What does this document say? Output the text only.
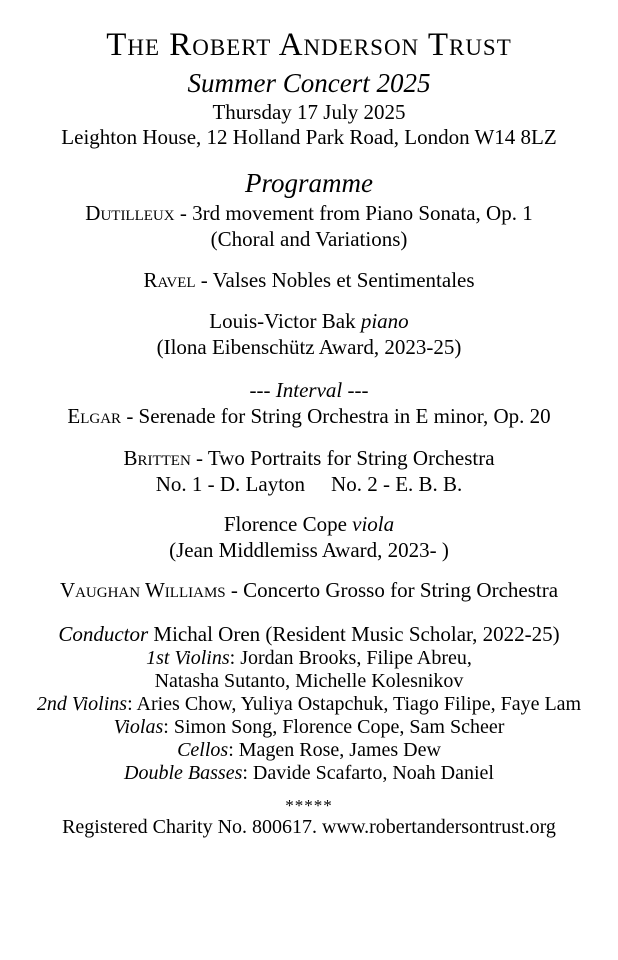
The Robert Anderson Trust
Summer Concert 2025

Thursday 17 July 2025

Leighton House, 12 Holland Park Road, London W14 8LZ

Programme

Dutilleux - 3rd movement from Piano Sonata, Op. 1

(Choral and Variations)

Ravel - Valses Nobles et Sentimentales

Louis-Victor Bak piano

(Ilona Eibenschütz Award, 2023-25)

--- Interval ---

Elgar - Serenade for String Orchestra in E minor, Op. 20

Britten - Two Portraits for String Orchestra

No. 1 - D. Layton No. 2 - E. B. B.

Florence Cope viola

(Jean Middlemiss Award, 2023- )

Vaughan Williams - Concerto Grosso for String Orchestra

Conductor Michal Oren (Resident Music Scholar, 2022-25)

1st Violins: Jordan Brooks, Filipe Abreu,

Natasha Sutanto, Michelle Kolesnikov

2nd Violins: Aries Chow, Yuliya Ostapchuk, Tiago Filipe, Faye Lam

Violas: Simon Song, Florence Cope, Sam Scheer

Cellos: Magen Rose, James Dew

Double Basses: Davide Scafarto, Noah Daniel

*****

Registered Charity No. 800617. www.robertandersontrust.org
